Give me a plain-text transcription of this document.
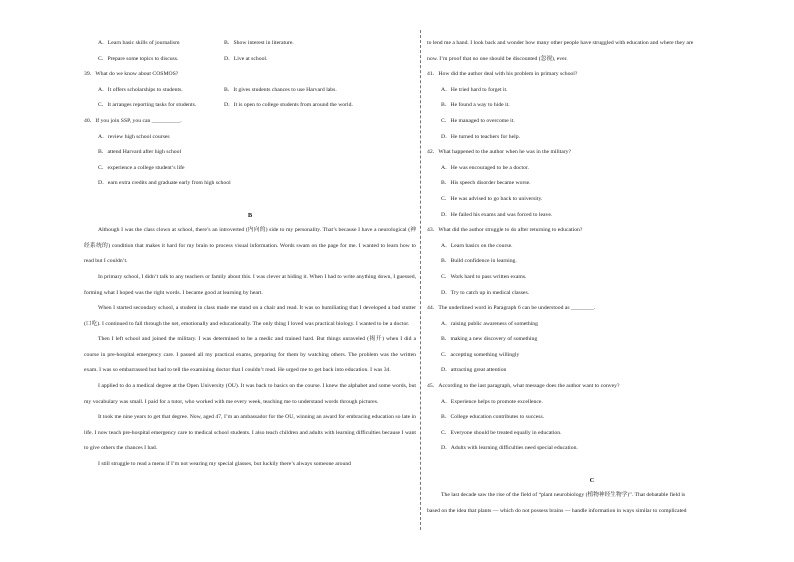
A．Learn basic skills of journalism	B．Show interest in literature.
C．Prepare some topics to discuss.	D．Live at school.
39．What do we know about COSMOS?
A．It offers scholarships to students.	B．It gives students chances to use Harvard labs.
C．It arranges reporting tasks for students.	D．It is open to college students from around the world.
40．If you join SSP, you can __________.
A．review high school courses
B．attend Harvard after high school
C．experience a college student’s life
D．earn extra credits and graduate early from high school
B
Although I was the class clown at school, there’s an introverted (内向的) side to my personality. That’s because I have a neurological (神经系统的) condition that makes it hard for my brain to process visual information. Words swam on the page for me. I wanted to learn how to read but I couldn’t.
In primary school, I didn’t talk to any teachers or family about this. I was clever at hiding it. When I had to write anything down, I guessed, forming what I hoped was the right words. I became good at learning by heart.
When I started secondary school, a student in class made me stand on a chair and read. It was so humiliating that I developed a bad stutter (口吃). I continued to fall through the net, emotionally and educationally. The only thing I loved was practical biology. I wanted to be a doctor.
Then I left school and joined the military. I was determined to be a medic and trained hard. But things unraveled (揭开) when I did a course in pre-hospital emergency care. I passed all my practical exams, preparing for them by watching others. The problem was the written exam. I was so embarrassed but had to tell the examining doctor that I couldn’t read. He urged me to get back into education. I was 34.
I applied to do a medical degree at the Open University (OU). It was back to basics on the course. I knew the alphabet and some words, but my vocabulary was small. I paid for a tutor, who worked with me every week, teaching me to understand words through pictures.
It took me nine years to get that degree. Now, aged 47, I’m an ambassador for the OU, winning an award for embracing education so late in life. I now teach pre-hospital emergency care to medical school students. I also teach children and adults with learning difficulties because I want to give others the chances I had.
I still struggle to read a menu if I’m not wearing my special glasses, but luckily there’s always someone around
to lend me a hand. I look back and wonder how many other people have struggled with education and where they are
now. I’m proof that no one should be discounted (忽视), ever.
41．How did the author deal with his problem in primary school?
A．He tried hard to forget it.
B．He found a way to hide it.
C．He managed to overcome it.
D．He turned to teachers for help.
42．What happened to the author when he was in the military?
A．He was encouraged to be a doctor.
B．His speech disorder became worse.
C．He was advised to go back to university.
D．He failed his exams and was forced to leave.
43．What did the author struggle to do after returning to education?
A．Learn basics on the course.
B．Build confidence in learning.
C．Work hard to pass written exams.
D．Try to catch up in medical classes.
44．The underlined word in Paragraph 6 can be understood as ________.
A．raising public awareness of something
B．making a new discovery of something
C．accepting something willingly
D．attracting great attention
45．According to the last paragraph, what message does the author want to convey?
A．Experience helps to promote excellence.
B．College education contributes to success.
C．Everyone should be treated equally in education.
D．Adults with learning difficulties need special education.
C
The last decade saw the rise of the field of “plant neurobiology (植物神经生物学)”. That debatable field is
based on the idea that plants — which do not possess brains — handle information in ways similar to complicated
